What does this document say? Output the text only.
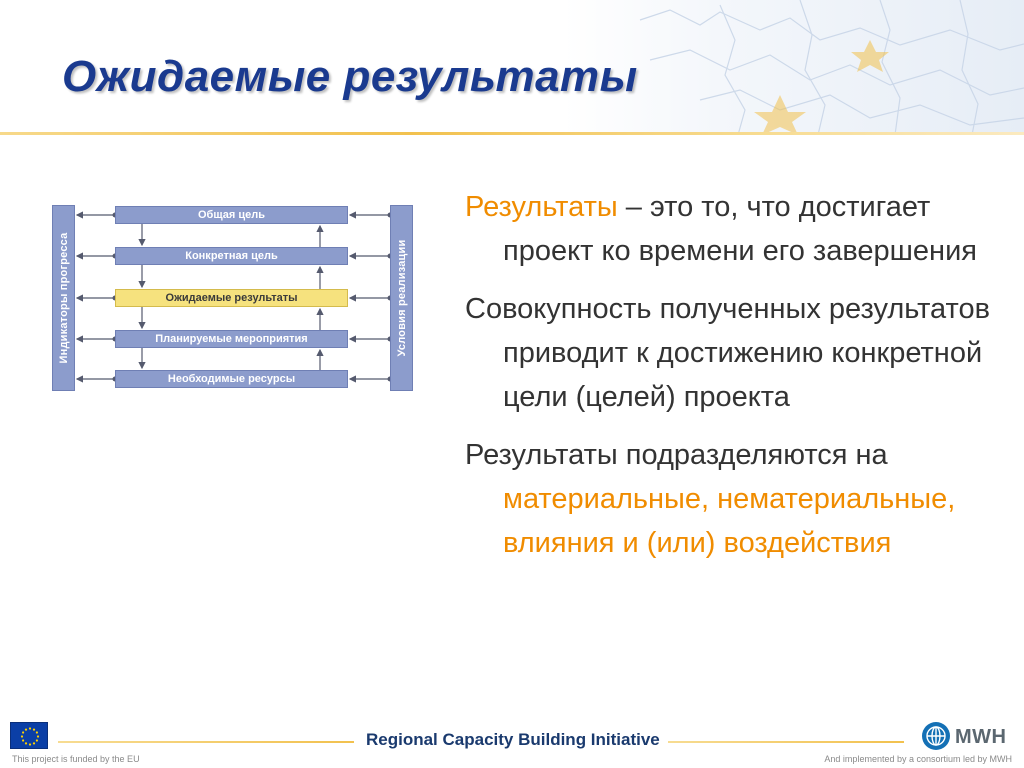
Ожидаемые результаты
Индикаторы прогресса	Условия реализации
Общая цель
Конкретная цель
Ожидаемые результаты
Планируемые мероприятия
Необходимые ресурсы

Результаты – это то, что достигает проект ко времени его завершения

Совокупность полученных результатов приводит к достижению конкретной цели (целей) проекта

Результаты подразделяются на материальные, нематериальные, влияния и (или) воздействия

Regional Capacity Building Initiative	MWH
This project is funded by the EU	And implemented by a consortium led by MWH
